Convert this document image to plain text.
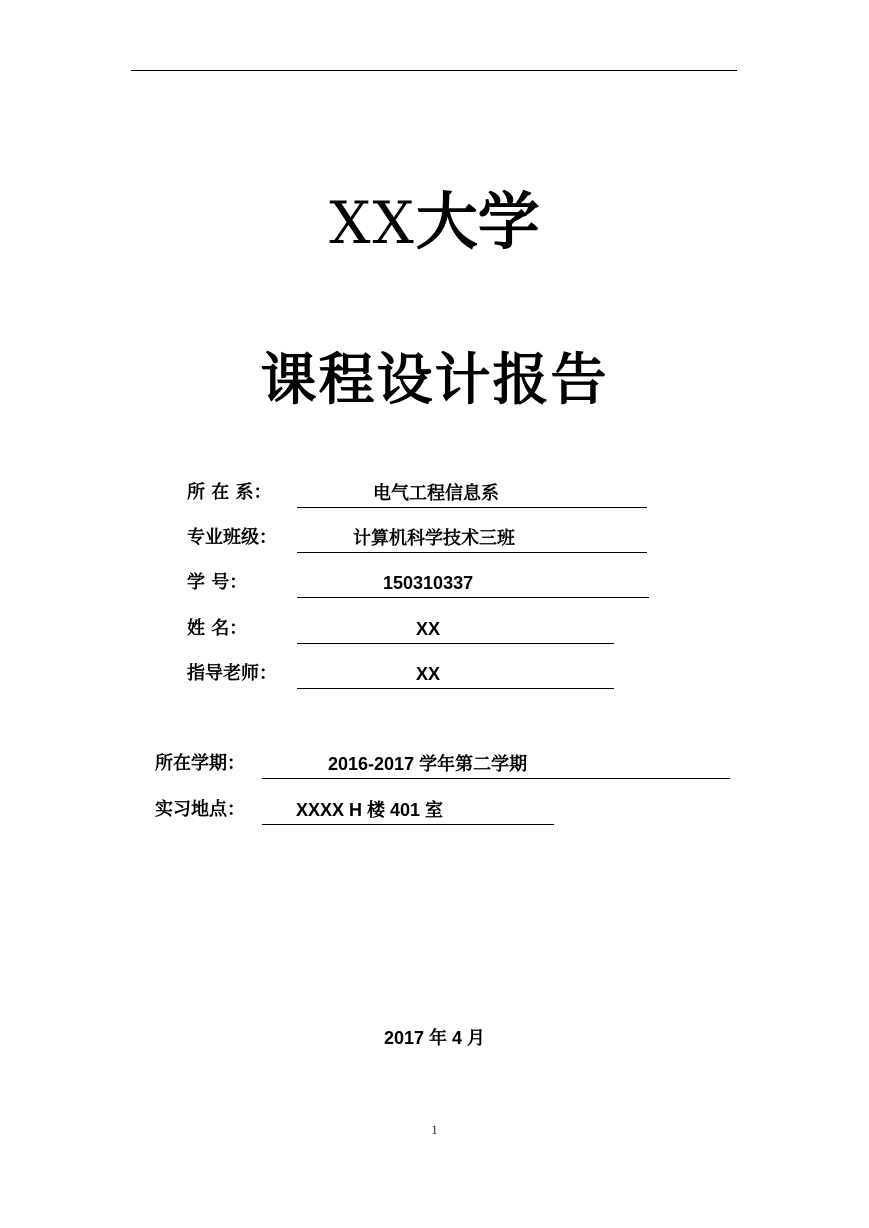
XX大学
课程设计报告
所 在 系：	电气工程信息系
专业班级：	计算机科学技术三班
学 号：	150310337
姓 名：	XX
指导老师：	XX
所在学期：	2016-2017 学年第二学期
实习地点：	XXXX H 楼 401 室
2017 年 4 月
1
